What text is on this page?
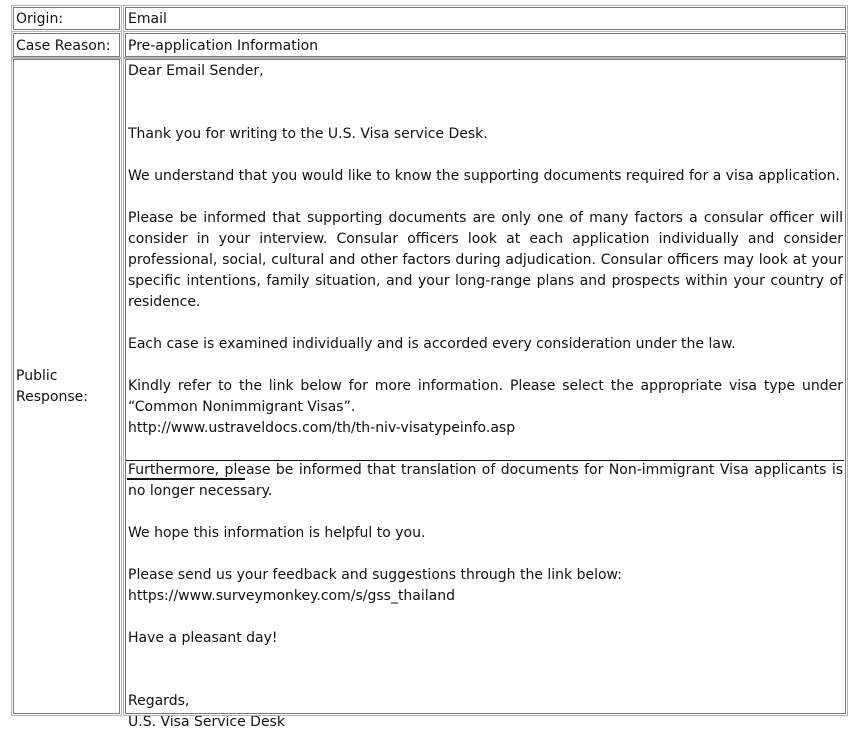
Origin:	Email
Case Reason:	Pre-application Information
Public
Response:

Dear Email Sender,

Thank you for writing to the U.S. Visa service Desk.

We understand that you would like to know the supporting documents required for a visa application.

Please be informed that supporting documents are only one of many factors a consular officer will consider in your interview. Consular officers look at each application individually and consider professional, social, cultural and other factors during adjudication. Consular officers may look at your specific intentions, family situation, and your long-range plans and prospects within your country of residence.

Each case is examined individually and is accorded every consideration under the law.

Kindly refer to the link below for more information. Please select the appropriate visa type under “Common Nonimmigrant Visas”.

http://www.ustraveldocs.com/th/th-niv-visatypeinfo.asp

Furthermore, please be informed that translation of documents for Non-immigrant Visa applicants is no longer necessary.

We hope this information is helpful to you.

Please send us your feedback and suggestions through the link below:

https://www.surveymonkey.com/s/gss_thailand

Have a pleasant day!

Regards,

U.S. Visa Service Desk
